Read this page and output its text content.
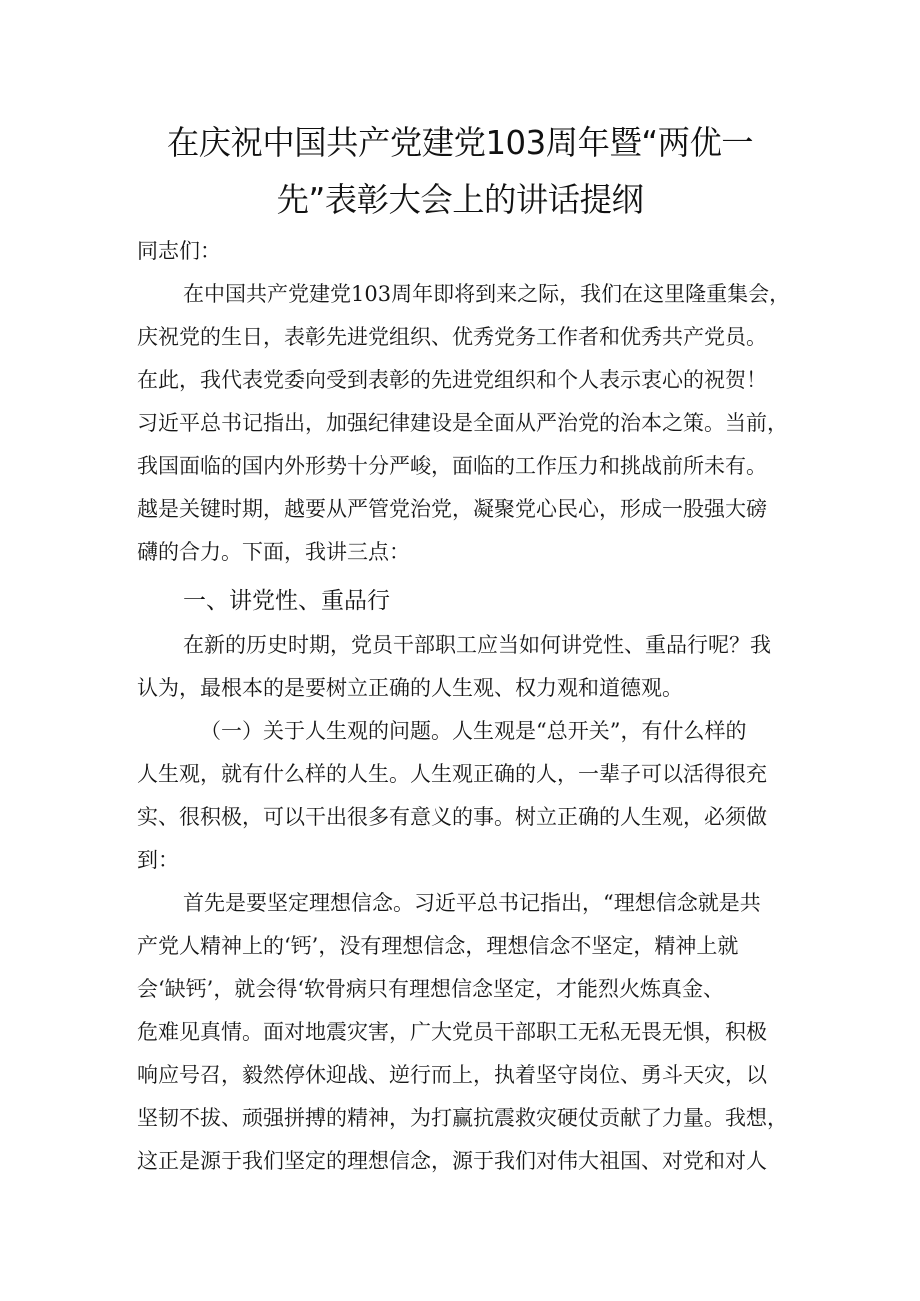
在庆祝中国共产党建党103周年暨“两优一
先”表彰大会上的讲话提纲
同志们：
在中国共产党建党103周年即将到来之际，我们在这里隆重集会，
庆祝党的生日，表彰先进党组织、优秀党务工作者和优秀共产党员。
在此，我代表党委向受到表彰的先进党组织和个人表示衷心的祝贺！
习近平总书记指出，加强纪律建设是全面从严治党的治本之策。当前，
我国面临的国内外形势十分严峻，面临的工作压力和挑战前所未有。
越是关键时期，越要从严管党治党，凝聚党心民心，形成一股强大磅
礴的合力。下面，我讲三点：
一、讲党性、重品行
在新的历史时期，党员干部职工应当如何讲党性、重品行呢？我
认为，最根本的是要树立正确的人生观、权力观和道德观。
（一）关于人生观的问题。人生观是“总开关”，有什么样的
人生观，就有什么样的人生。人生观正确的人，一辈子可以活得很充
实、很积极，可以干出很多有意义的事。树立正确的人生观，必须做
到：
首先是要坚定理想信念。习近平总书记指出，“理想信念就是共
产党人精神上的‘钙’，没有理想信念，理想信念不坚定，精神上就
会‘缺钙’，就会得‘软骨病只有理想信念坚定，才能烈火炼真金、
危难见真情。面对地震灾害，广大党员干部职工无私无畏无惧，积极
响应号召，毅然停休迎战、逆行而上，执着坚守岗位、勇斗天灾，以
坚韧不拔、顽强拼搏的精神，为打赢抗震救灾硬仗贡献了力量。我想，
这正是源于我们坚定的理想信念，源于我们对伟大祖国、对党和对人
